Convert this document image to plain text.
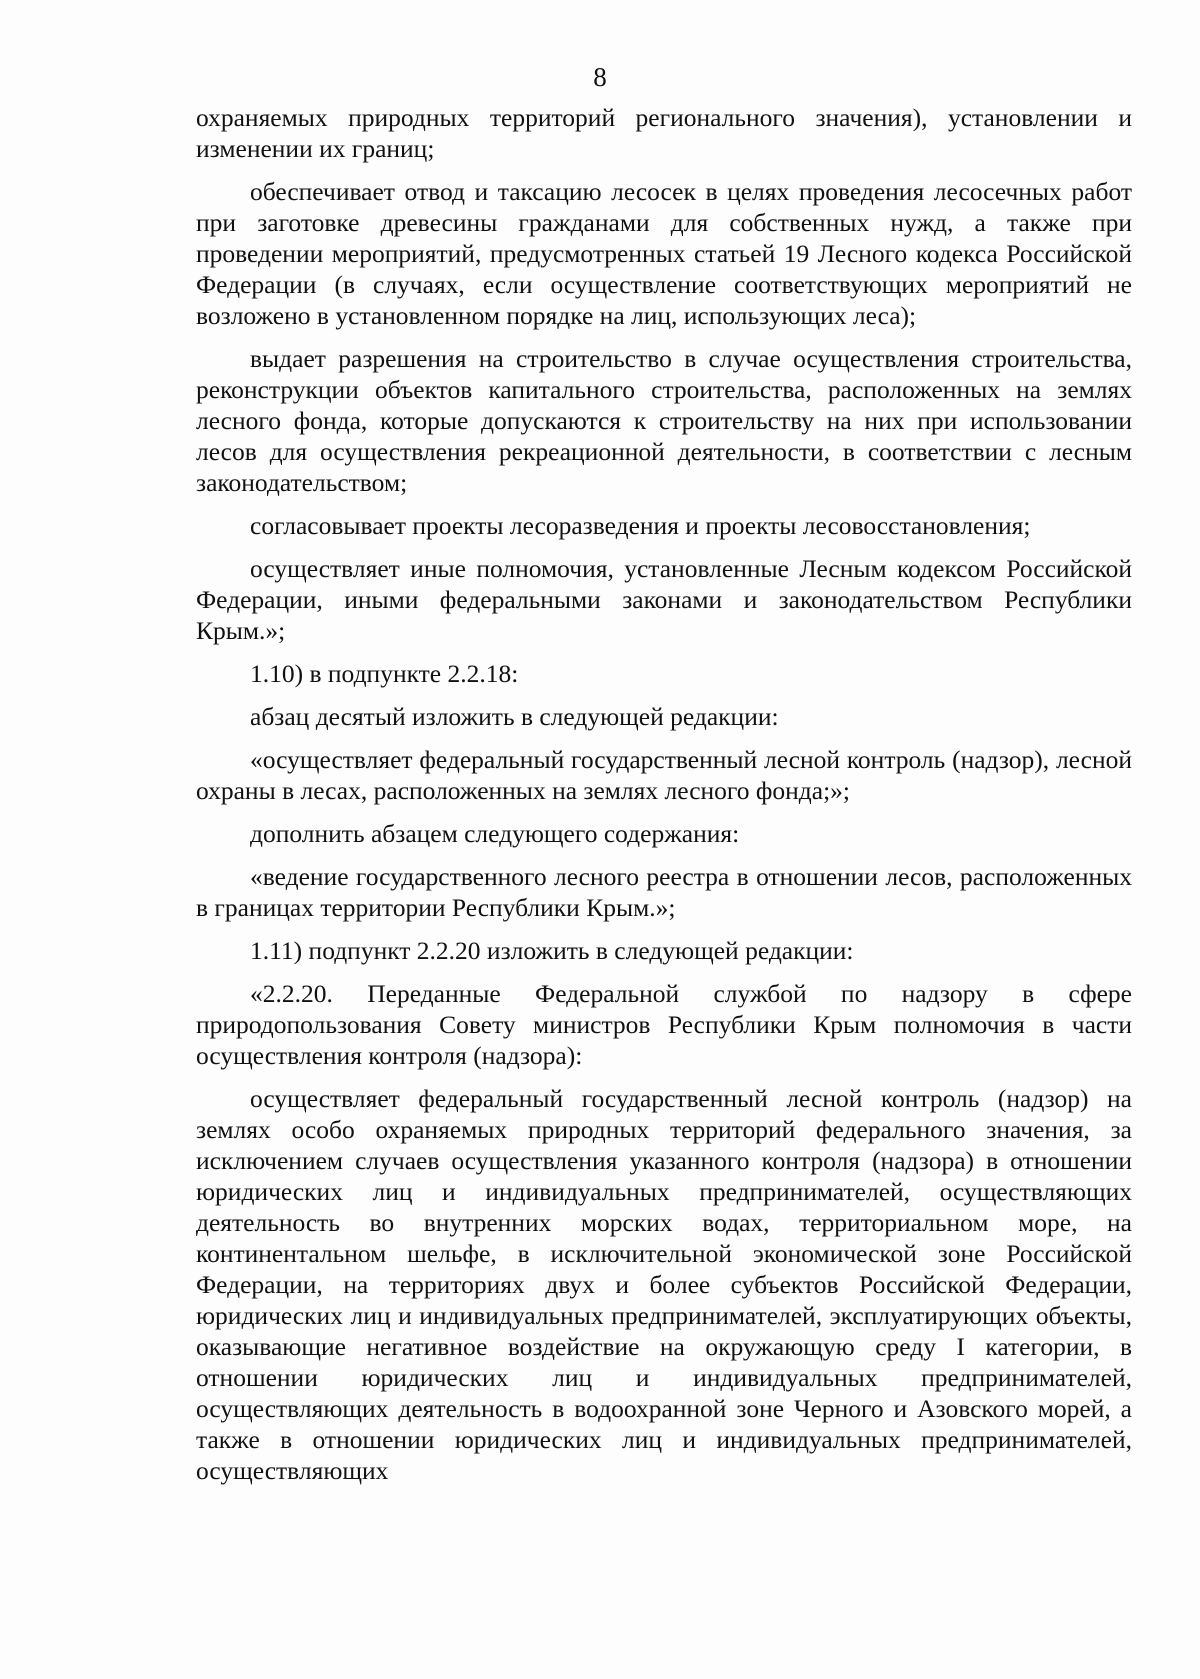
8

охраняемых природных территорий регионального значения), установлении и изменении их границ;

обеспечивает отвод и таксацию лесосек в целях проведения лесосечных работ при заготовке древесины гражданами для собственных нужд, а также при проведении мероприятий, предусмотренных статьей 19 Лесного кодекса Российской Федерации (в случаях, если осуществление соответствующих мероприятий не возложено в установленном порядке на лиц, использующих леса);

выдает разрешения на строительство в случае осуществления строительства, реконструкции объектов капитального строительства, расположенных на землях лесного фонда, которые допускаются к строительству на них при использовании лесов для осуществления рекреационной деятельности, в соответствии с лесным законодательством;

согласовывает проекты лесоразведения и проекты лесовосстановления;

осуществляет иные полномочия, установленные Лесным кодексом Российской Федерации, иными федеральными законами и законодательством Республики Крым.»;

1.10) в подпункте 2.2.18:

абзац десятый изложить в следующей редакции:

«осуществляет федеральный государственный лесной контроль (надзор), лесной охраны в лесах, расположенных на землях лесного фонда;»;

дополнить абзацем следующего содержания:

«ведение государственного лесного реестра в отношении лесов, расположенных в границах территории Республики Крым.»;

1.11) подпункт 2.2.20 изложить в следующей редакции:

«2.2.20. Переданные Федеральной службой по надзору в сфере природопользования Совету министров Республики Крым полномочия в части осуществления контроля (надзора):

осуществляет федеральный государственный лесной контроль (надзор) на землях особо охраняемых природных территорий федерального значения, за исключением случаев осуществления указанного контроля (надзора) в отношении юридических лиц и индивидуальных предпринимателей, осуществляющих деятельность во внутренних морских водах, территориальном море, на континентальном шельфе, в исключительной экономической зоне Российской Федерации, на территориях двух и более субъектов Российской Федерации, юридических лиц и индивидуальных предпринимателей, эксплуатирующих объекты, оказывающие негативное воздействие на окружающую среду I категории, в отношении юридических лиц и индивидуальных предпринимателей, осуществляющих деятельность в водоохранной зоне Черного и Азовского морей, а также в отношении юридических лиц и индивидуальных предпринимателей, осуществляющих
